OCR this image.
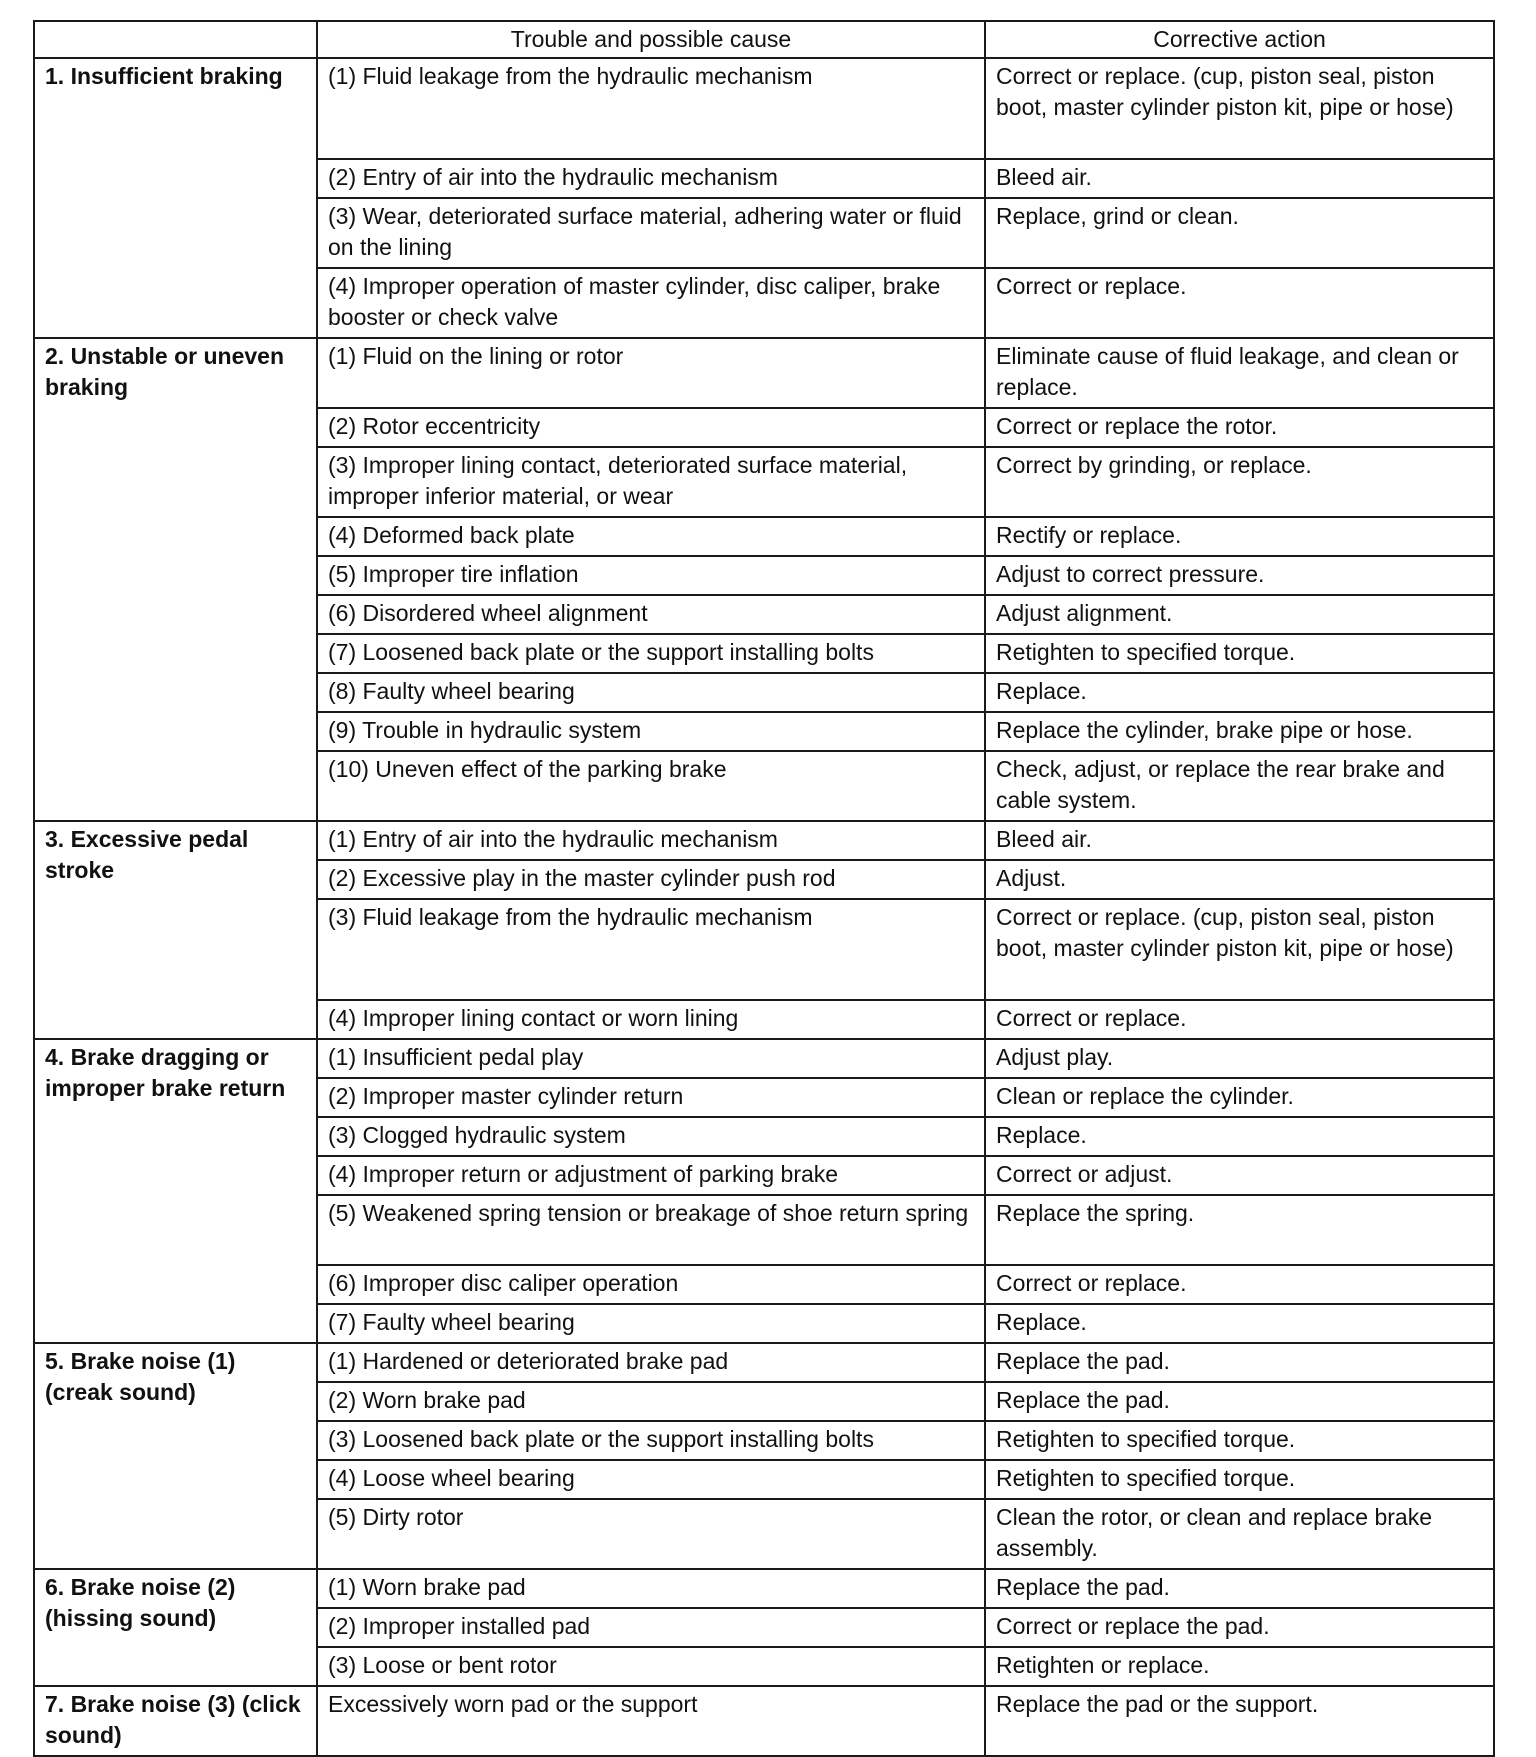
	Trouble and possible cause	Corrective action
1. Insufficient braking	(1) Fluid leakage from the hydraulic mechanism	Correct or replace. (cup, piston seal, piston boot, master cylinder piston kit, pipe or hose)
	(2) Entry of air into the hydraulic mechanism	Bleed air.
	(3) Wear, deteriorated surface material, adhering water or fluid on the lining	Replace, grind or clean.
	(4) Improper operation of master cylinder, disc caliper, brake booster or check valve	Correct or replace.
2. Unstable or uneven braking	(1) Fluid on the lining or rotor	Eliminate cause of fluid leakage, and clean or replace.
	(2) Rotor eccentricity	Correct or replace the rotor.
	(3) Improper lining contact, deteriorated surface material, improper inferior material, or wear	Correct by grinding, or replace.
	(4) Deformed back plate	Rectify or replace.
	(5) Improper tire inflation	Adjust to correct pressure.
	(6) Disordered wheel alignment	Adjust alignment.
	(7) Loosened back plate or the support installing bolts	Retighten to specified torque.
	(8) Faulty wheel bearing	Replace.
	(9) Trouble in hydraulic system	Replace the cylinder, brake pipe or hose.
	(10) Uneven effect of the parking brake	Check, adjust, or replace the rear brake and cable system.
3. Excessive pedal stroke	(1) Entry of air into the hydraulic mechanism	Bleed air.
	(2) Excessive play in the master cylinder push rod	Adjust.
	(3) Fluid leakage from the hydraulic mechanism	Correct or replace. (cup, piston seal, piston boot, master cylinder piston kit, pipe or hose)
	(4) Improper lining contact or worn lining	Correct or replace.
4. Brake dragging or improper brake return	(1) Insufficient pedal play	Adjust play.
	(2) Improper master cylinder return	Clean or replace the cylinder.
	(3) Clogged hydraulic system	Replace.
	(4) Improper return or adjustment of parking brake	Correct or adjust.
	(5) Weakened spring tension or breakage of shoe return spring	Replace the spring.
	(6) Improper disc caliper operation	Correct or replace.
	(7) Faulty wheel bearing	Replace.
5. Brake noise (1) (creak sound)	(1) Hardened or deteriorated brake pad	Replace the pad.
	(2) Worn brake pad	Replace the pad.
	(3) Loosened back plate or the support installing bolts	Retighten to specified torque.
	(4) Loose wheel bearing	Retighten to specified torque.
	(5) Dirty rotor	Clean the rotor, or clean and replace brake assembly.
6. Brake noise (2) (hissing sound)	(1) Worn brake pad	Replace the pad.
	(2) Improper installed pad	Correct or replace the pad.
	(3) Loose or bent rotor	Retighten or replace.
7. Brake noise (3) (click sound)	Excessively worn pad or the support	Replace the pad or the support.
